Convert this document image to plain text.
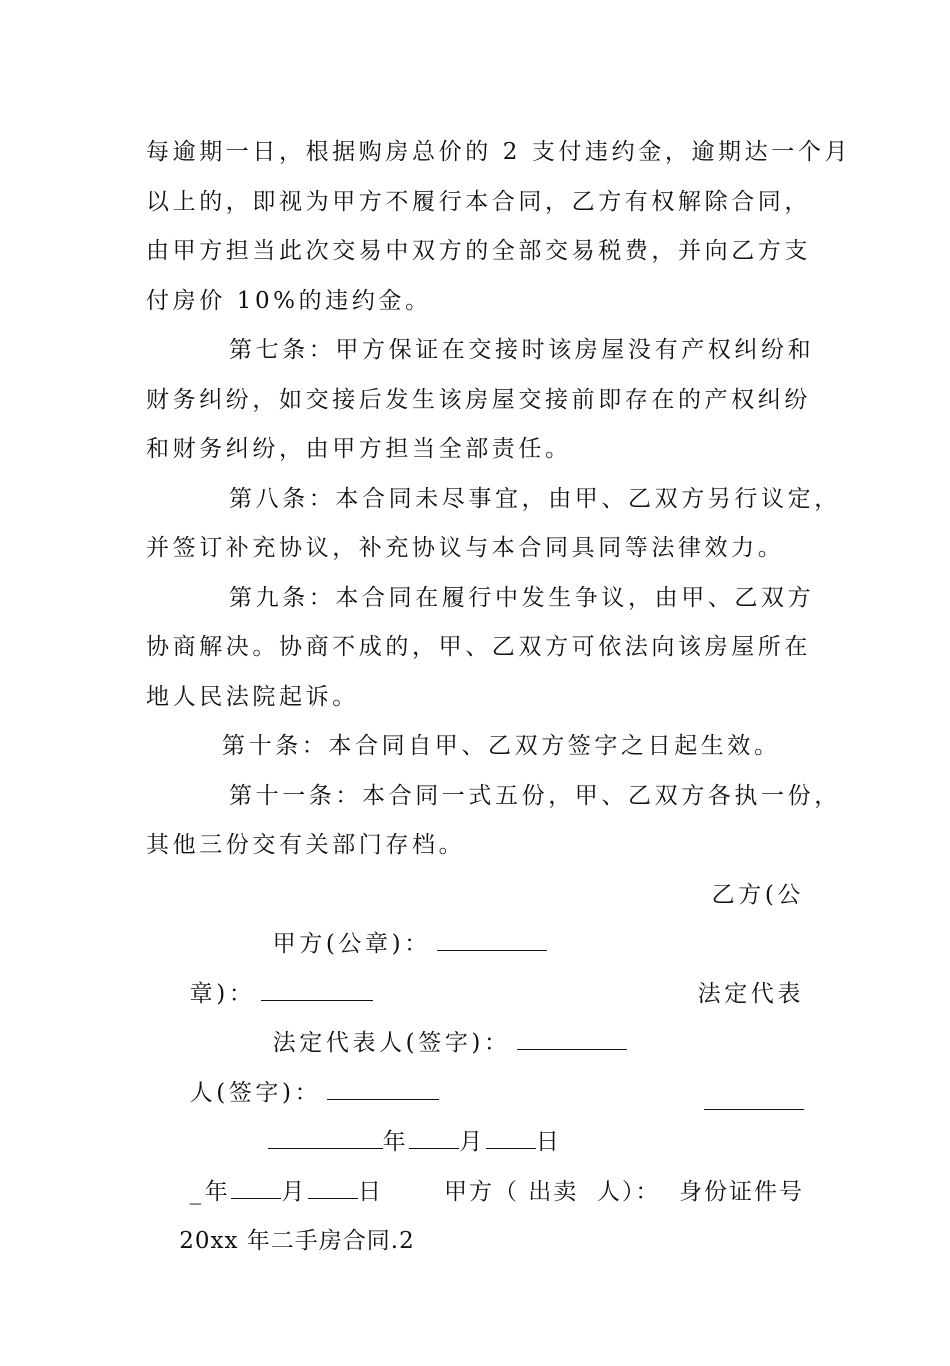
每逾期一日，根据购房总价的 2 支付违约金，逾期达一个月
以上的，即视为甲方不履行本合同，乙方有权解除合同，
由甲方担当此次交易中双方的全部交易税费，并向乙方支
付房价 10%的违约金。
第七条：甲方保证在交接时该房屋没有产权纠纷和
财务纠纷，如交接后发生该房屋交接前即存在的产权纠纷
和财务纠纷，由甲方担当全部责任。
第八条：本合同未尽事宜，由甲、乙双方另行议定，
并签订补充协议，补充协议与本合同具同等法律效力。
第九条：本合同在履行中发生争议，由甲、乙双方
协商解决。协商不成的，甲、乙双方可依法向该房屋所在
地人民法院起诉。
第十条：本合同自甲、乙双方签字之日起生效。
第十一条：本合同一式五份，甲、乙双方各执一份，
其他三份交有关部门存档。

甲方(公章)：

乙方(公

章)：

法定代表人(签字)：

法定代表

人(签字)：

年 月 日

_年 月 日

20xx 年二手房合同.2

甲方（ 出卖  人）：  身份证件号
